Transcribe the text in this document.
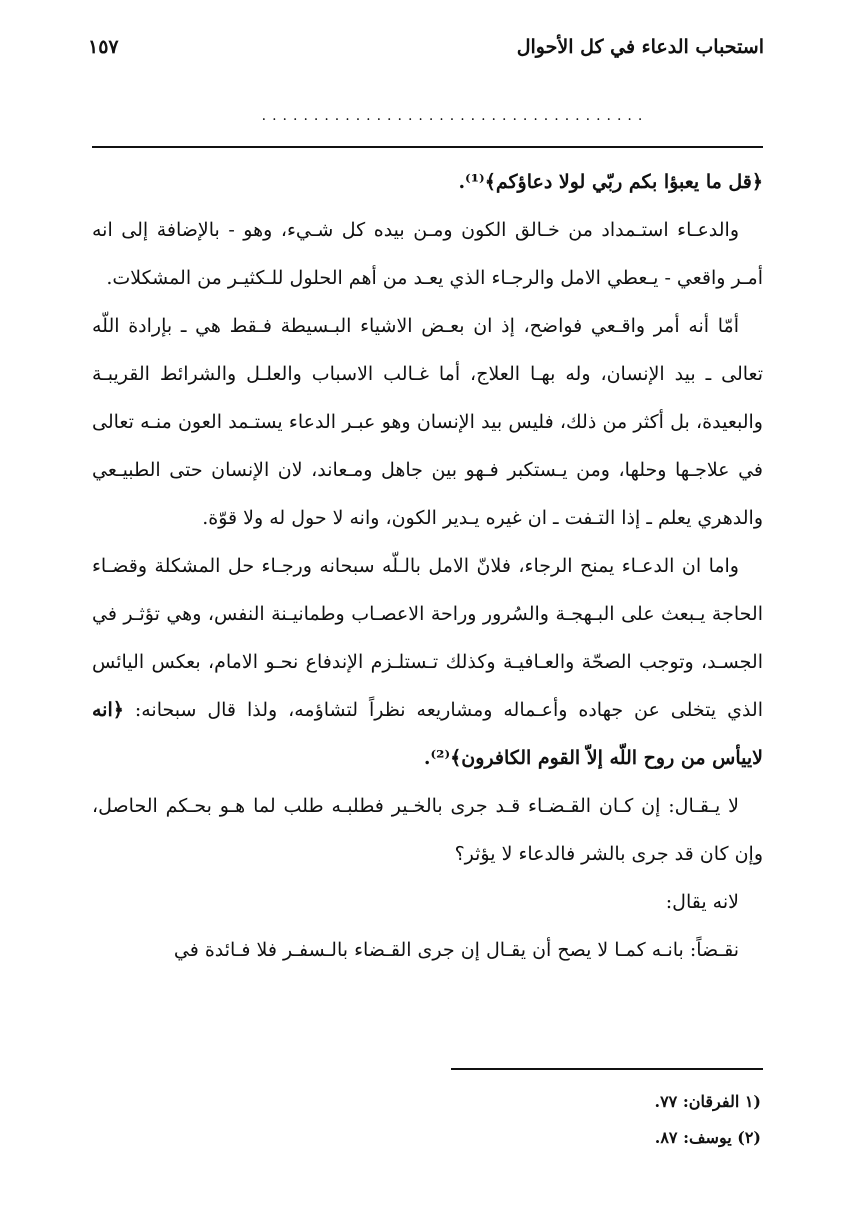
استحباب الدعاء في كل الأحوال
١٥٧
.....................................

﴿قل ما يعبؤا بكم ربّي لولا دعاؤكم﴾⁽¹⁾.

والدعـاء استـمداد من خـالق الكون ومـن بيده كل شـيء، وهو - بالإضافة إلى انه أمـر واقعي - يـعطي الامل والرجـاء الذي يعـد من أهم الحلول للـكثيـر من المشكلات.

أمّا أنه أمر واقـعي فواضح، إذ ان بعـض الاشياء البـسيطة فـقط هي ـ بإرادة اللّه تعالى ـ بيد الإنسان، وله بهـا العلاج، أما غـالب الاسباب والعلـل والشرائط القريبـة والبعيدة، بل أكثر من ذلك، فليس بيد الإنسان وهو عبـر الدعاء يستـمد العون منـه تعالى في علاجـها وحلها، ومن يـستكبر فـهو بين جاهل ومـعاند، لان الإنسان حتى الطبيـعي والدهري يعلم ـ إذا التـفت ـ ان غيره يـدير الكون، وانه لا حول له ولا قوّة.

واما ان الدعـاء يمنح الرجاء، فلانّ الامل بالـلّه سبحانه ورجـاء حل المشكلة وقضـاء الحاجة يـبعث على البـهجـة والسُرور وراحة الاعصـاب وطمانيـنة النفس، وهي تؤثـر في الجسـد، وتوجب الصحّة والعـافيـة وكذلك تـستلـزم الإندفاع نحـو الامام، بعكس اليائس الذي يتخلى عن جهاده وأعـماله ومشاريعه نظراً لتشاؤمه، ولذا قال سبحانه: ﴿انه لاييأس من روح اللّه إلاّ القوم الكافرون﴾⁽²⁾.

لا يـقـال: إن كـان القـضـاء قـد جرى بالخـير فطلبـه طلب لما هـو بحـكم الحاصل، وإن كان قد جرى بالشر فالدعاء لا يؤثر؟

لانه يقال:

نقـضاً: بانـه كمـا لا يصح أن يقـال إن جرى القـضاء بالـسفـر فلا فـائدة في

(١ الفرقان: ٧٧.

(٢) يوسف: ٨٧.
